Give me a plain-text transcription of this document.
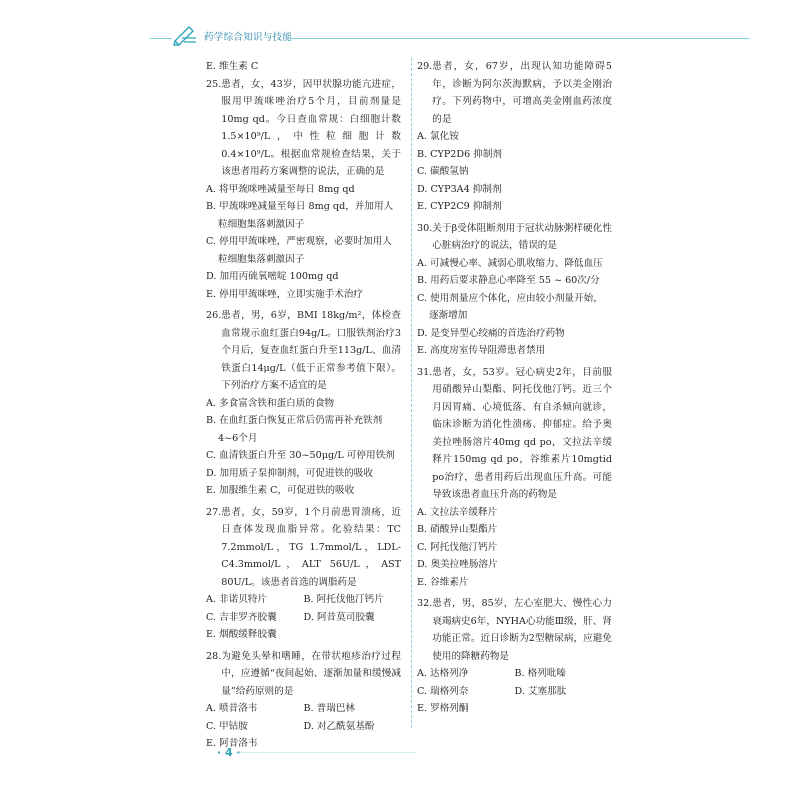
药学综合知识与技能
E. 维生素 C
25. 患者，女，43岁，因甲状腺功能亢进症，服用甲巯咪唑治疗5个月，目前剂量是10mg qd。今日查血常规：白细胞计数1.5×10⁹/L，中性粒细胞计数0.4×10⁹/L。根据血常规检查结果，关于该患者用药方案调整的说法，正确的是
A. 将甲巯咪唑减量至每日 8mg qd
B. 甲巯咪唑减量至每日 8mg qd，并加用人粒细胞集落刺激因子
C. 停用甲巯咪唑，严密观察，必要时加用人粒细胞集落刺激因子
D. 加用丙硫氧嘧啶 100mg qd
E. 停用甲巯咪唑，立即实施手术治疗
26. 患者，男，6岁，BMI 18kg/m²，体检查血常规示血红蛋白94g/L。口服铁剂治疗3个月后，复查血红蛋白升至113g/L、血清铁蛋白14μg/L（低于正常参考值下限）。下列治疗方案不适宜的是
A. 多食富含铁和蛋白质的食物
B. 在血红蛋白恢复正常后仍需再补充铁剂4~6个月
C. 血清铁蛋白升至 30~50μg/L 可停用铁剂
D. 加用质子泵抑制剂，可促进铁的吸收
E. 加服维生素 C，可促进铁的吸收
27. 患者，女，59岁，1个月前患胃溃疡，近日查体发现血脂异常。化验结果：TC 7.2mmol/L，TG 1.7mmol/L，LDL-C4.3mmol/L，ALT 56U/L，AST 80U/L。该患者首选的调脂药是
A. 非诺贝特片	B. 阿托伐他汀钙片
C. 吉非罗齐胶囊	D. 阿昔莫司胶囊
E. 烟酸缓释胶囊
28. 为避免头晕和嗜睡，在带状疱疹治疗过程中，应遵循“夜间起始、逐渐加量和缓慢减量”给药原则的是
A. 喷昔洛韦	B. 普瑞巴林
C. 甲钴胺	D. 对乙酰氨基酚
E. 阿昔洛韦
29. 患者，女，67岁，出现认知功能障碍5年，诊断为阿尔茨海默病，予以美金刚治疗。下列药物中，可增高美金刚血药浓度的是
A. 氯化铵
B. CYP2D6 抑制剂
C. 碳酸氢钠
D. CYP3A4 抑制剂
E. CYP2C9 抑制剂
30. 关于β受体阻断剂用于冠状动脉粥样硬化性心脏病治疗的说法，错误的是
A. 可减慢心率、减弱心肌收缩力、降低血压
B. 用药后要求静息心率降至 55 ~ 60次/分
C. 使用剂量应个体化，应由较小剂量开始，逐渐增加
D. 是变异型心绞痛的首选治疗药物
E. 高度房室传导阻滞患者禁用
31. 患者，女，53岁。冠心病史2年，目前服用硝酸异山梨酯、阿托伐他汀钙。近三个月因胃痛、心境低落、有自杀倾向就诊，临床诊断为消化性溃疡、抑郁症。给予奥美拉唑肠溶片40mg qd po，文拉法辛缓释片150mg qd po，谷维素片10mgtid po治疗，患者用药后出现血压升高。可能导致该患者血压升高的药物是
A. 文拉法辛缓释片
B. 硝酸异山梨酯片
C. 阿托伐他汀钙片
D. 奥美拉唑肠溶片
E. 谷维素片
32. 患者，男，85岁，左心室肥大、慢性心力衰竭病史6年，NYHA心功能Ⅲ级，肝、肾功能正常。近日诊断为2型糖尿病，应避免使用的降糖药物是
A. 达格列净	B. 格列吡嗪
C. 瑞格列奈	D. 艾塞那肽
E. 罗格列酮
· 4 ·
